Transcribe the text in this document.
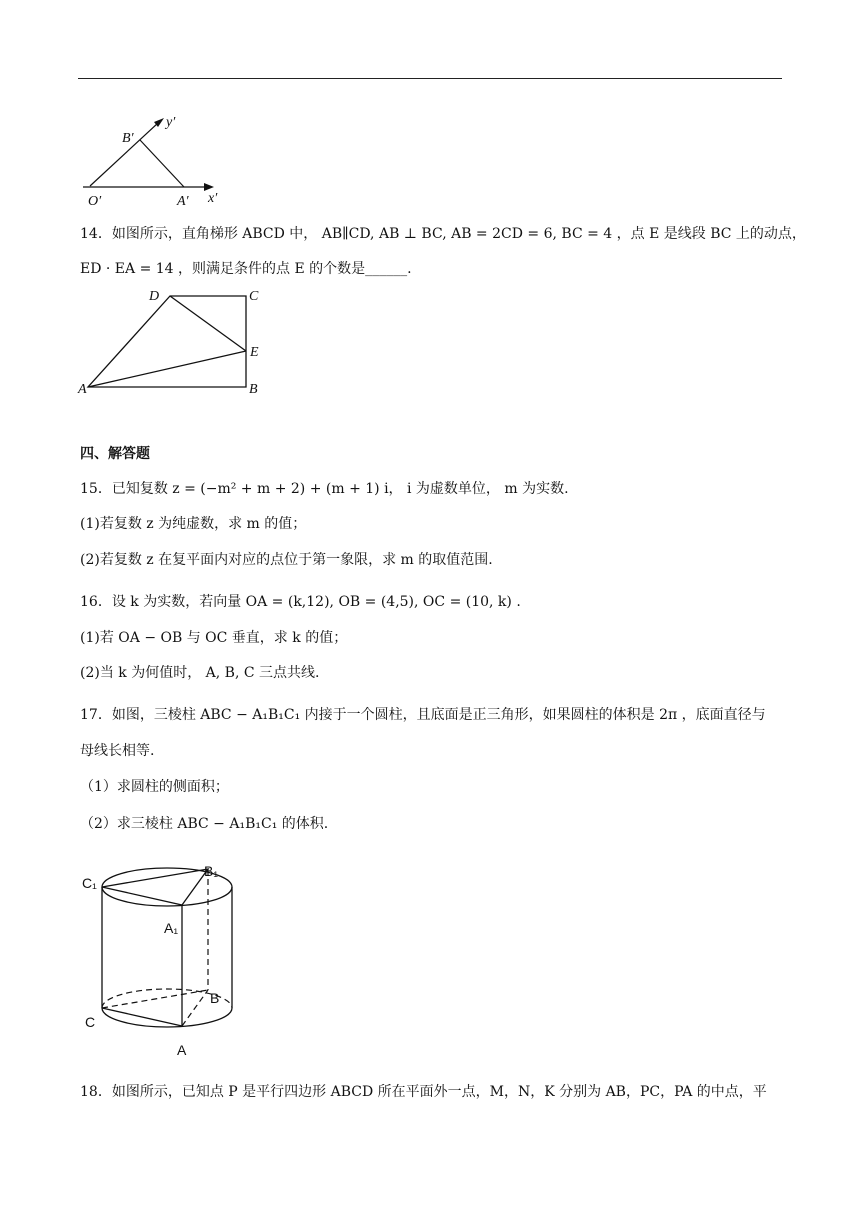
y′
x′
B′
O′	A′
14．如图所示，直角梯形 ABCD 中， AB∥CD, AB ⊥ BC, AB = 2CD = 6, BC = 4 ，点 E 是线段 BC 上的动点，
ED · EA = 14 ，则满足条件的点 E 的个数是______.
D	C
E
A	B
四、解答题
15．已知复数 z = (−m² + m + 2) + (m + 1) i， i 为虚数单位， m 为实数.
(1)若复数 z 为纯虚数，求 m 的值；
(2)若复数 z 在复平面内对应的点位于第一象限，求 m 的取值范围.
16．设 k 为实数，若向量 OA = (k,12), OB = (4,5), OC = (10, k) .
(1)若 OA − OB 与 OC 垂直，求 k 的值；
(2)当 k 为何值时， A, B, C 三点共线.
17．如图，三棱柱 ABC − A₁B₁C₁ 内接于一个圆柱，且底面是正三角形，如果圆柱的体积是 2π ，底面直径与
母线长相等.
（1）求圆柱的侧面积；
（2）求三棱柱 ABC − A₁B₁C₁ 的体积.
C₁
B₁
A₁
B
C
A
18．如图所示，已知点 P 是平行四边形 ABCD 所在平面外一点，M，N，K 分别为 AB，PC，PA 的中点，平
